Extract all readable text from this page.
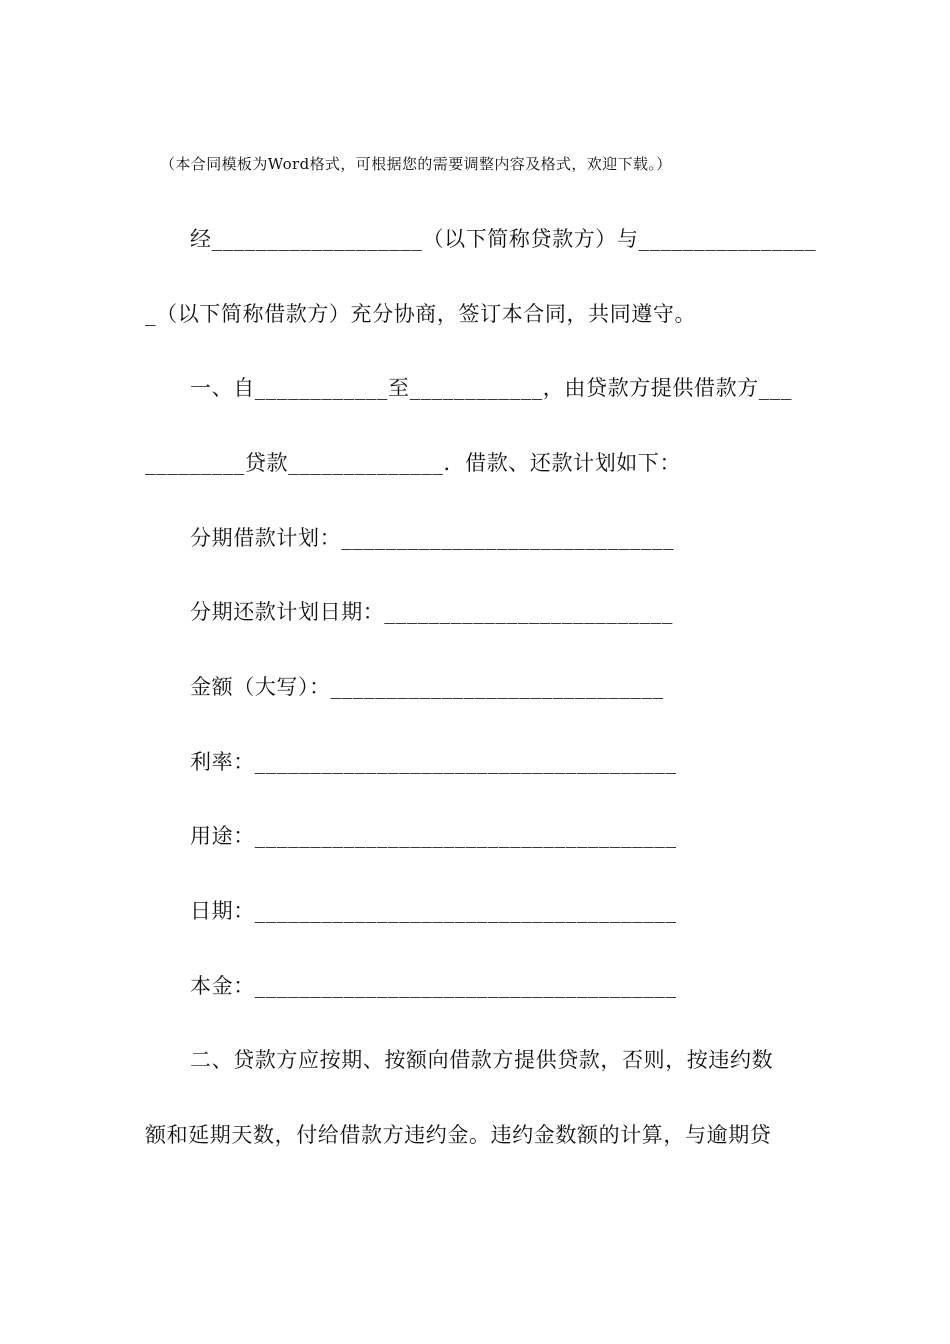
（本合同模板为Word格式，可根据您的需要调整内容及格式，欢迎下载。）

经___________________（以下简称贷款方）与________________

_（以下简称借款方）充分协商，签订本合同，共同遵守。

一、自____________至____________，由贷款方提供借款方___

_________贷款______________．借款、还款计划如下：

分期借款计划：______________________________

分期还款计划日期：__________________________

金额（大写）：______________________________

利率：______________________________________

用途：______________________________________

日期：______________________________________

本金：______________________________________

二、贷款方应按期、按额向借款方提供贷款，否则，按违约数

额和延期天数，付给借款方违约金。违约金数额的计算，与逾期贷
